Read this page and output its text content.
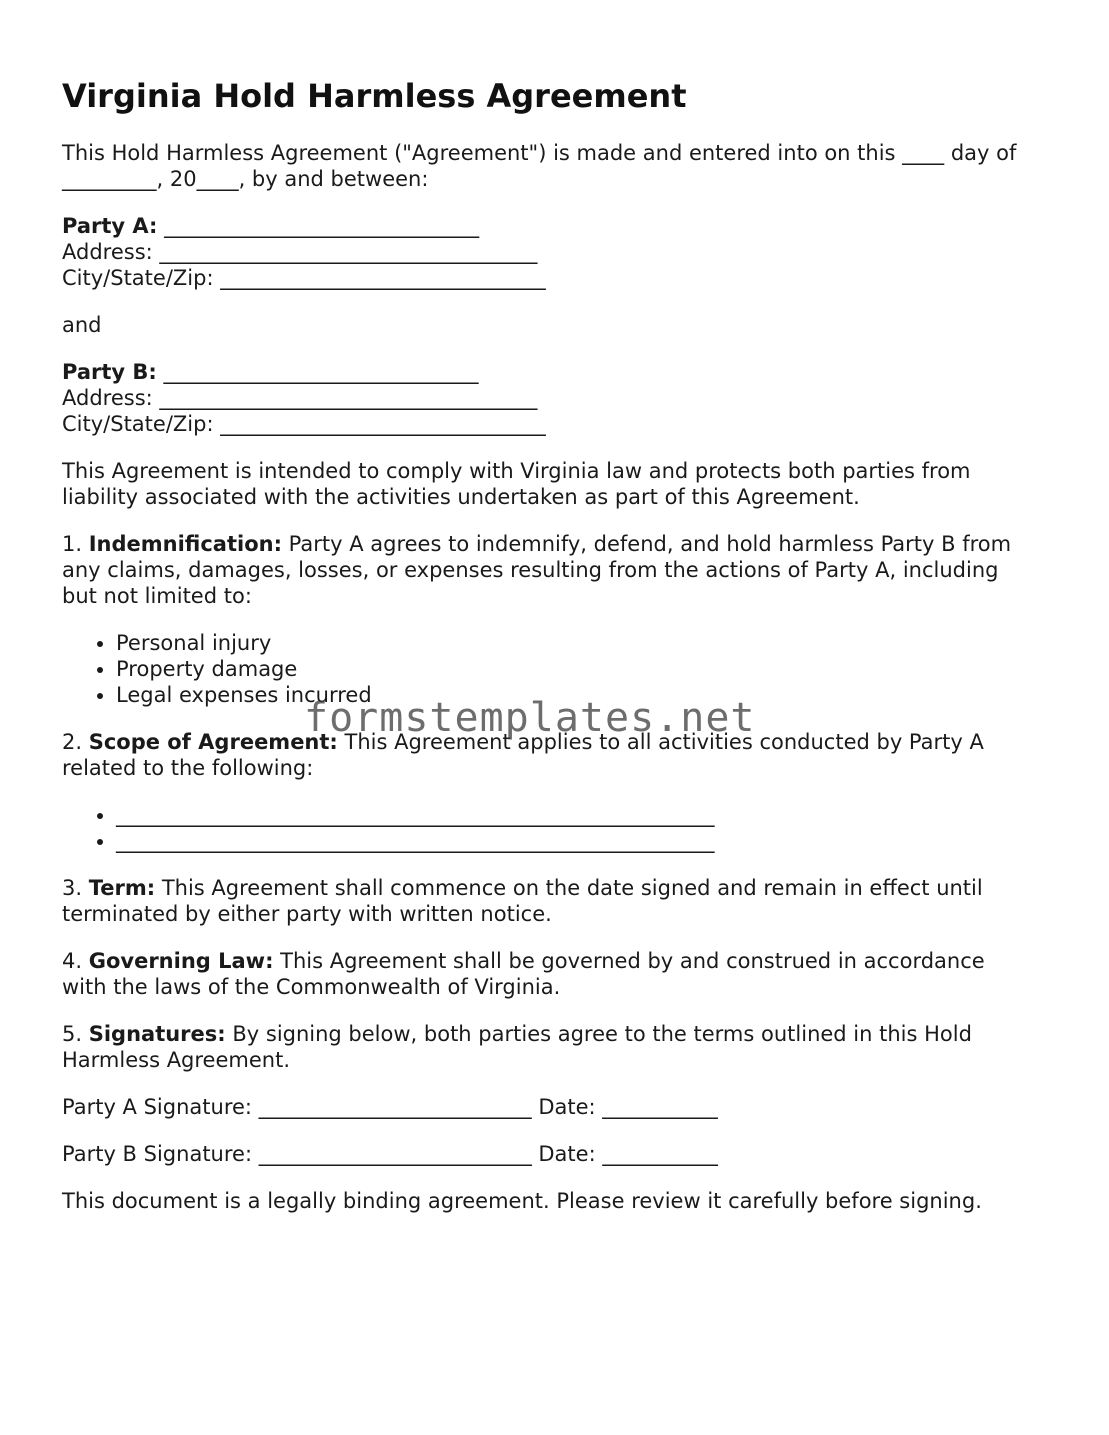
Virginia Hold Harmless Agreement

This Hold Harmless Agreement ("Agreement") is made and entered into on this ____ day of
_________, 20____, by and between:

Party A: ______________________________
Address: ____________________________________
City/State/Zip: _______________________________

and

Party B: ______________________________
Address: ____________________________________
City/State/Zip: _______________________________

This Agreement is intended to comply with Virginia law and protects both parties from
liability associated with the activities undertaken as part of this Agreement.

1. Indemnification: Party A agrees to indemnify, defend, and hold harmless Party B from
any claims, damages, losses, or expenses resulting from the actions of Party A, including
but not limited to:

• Personal injury
• Property damage
• Legal expenses incurred

2. Scope of Agreement: This Agreement applies to all activities conducted by Party A
related to the following:

• _________________________________________________________
• _________________________________________________________

3. Term: This Agreement shall commence on the date signed and remain in effect until
terminated by either party with written notice.

4. Governing Law: This Agreement shall be governed by and construed in accordance
with the laws of the Commonwealth of Virginia.

5. Signatures: By signing below, both parties agree to the terms outlined in this Hold
Harmless Agreement.

Party A Signature: __________________________ Date: ___________

Party B Signature: __________________________ Date: ___________

This document is a legally binding agreement. Please review it carefully before signing.

formstemplates.net
